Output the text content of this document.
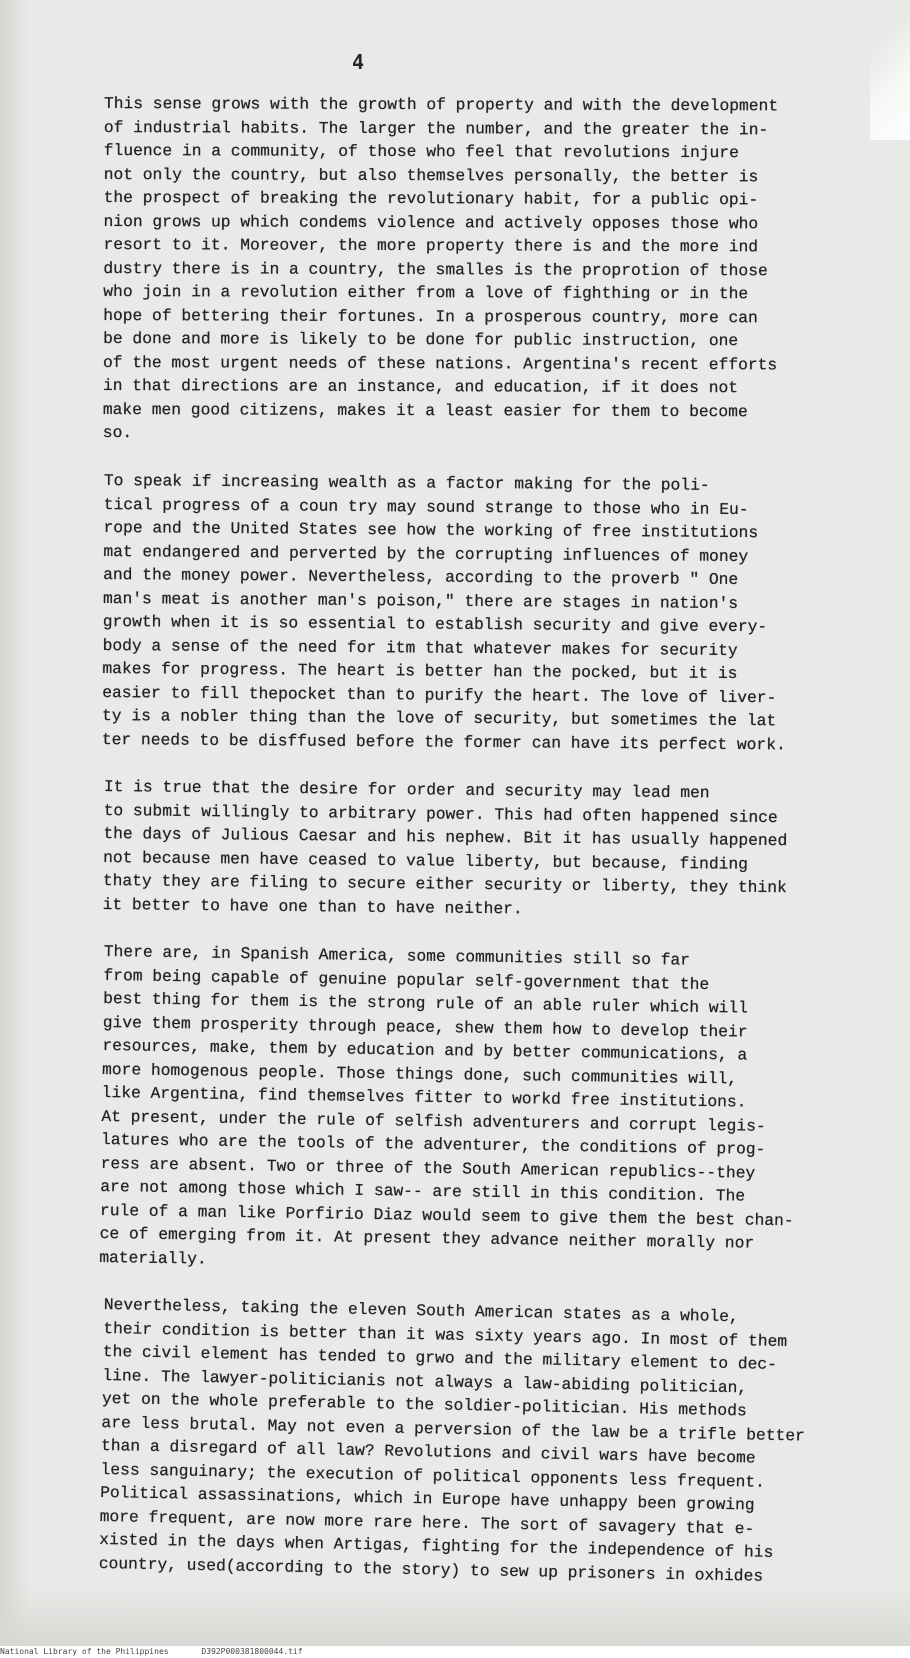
4

This sense grows with the growth of property and with the development
of industrial habits. The larger the number, and the greater the in-
fluence in a community, of those who feel that revolutions injure
not only the country, but also themselves personally, the better is
the prospect of breaking the revolutionary habit, for a public opi-
nion grows up which condems violence and actively opposes those who
resort to it. Moreover, the more property there is and the more ind
dustry there is in a country, the smalles is the proprotion of those
who join in a revolution either from a love of fighthing or in the
hope of bettering their fortunes. In a prosperous country, more can
be done and more is likely to be done for public instruction, one
of the most urgent needs of these nations. Argentina's recent efforts
in that directions are an instance, and education, if it does not
make men good citizens, makes it a least easier for them to become
so.

To speak if increasing wealth as a factor making for the poli-
tical progress of a coun try may sound strange to those who in Eu-
rope and the United States see how the working of free institutions
mat endangered and perverted by the corrupting influences of money
and the money power. Nevertheless, according to the proverb " One
man's meat is another man's poison," there are stages in nation's
growth when it is so essential to establish security and give every-
body a sense of the need for itm that whatever makes for security
makes for progress. The heart is better han the pocked, but it is
easier to fill thepocket than to purify the heart. The love of liver-
ty is a nobler thing than the love of security, but sometimes the lat
ter needs to be disffused before the former can have its perfect work.

It is true that the desire for order and security may lead men
to submit willingly to arbitrary power. This had often happened since
the days of Julious Caesar and his nephew. Bit it has usually happened
not because men have ceased to value liberty, but because, finding
thaty they are filing to secure either security or liberty, they think
it better to have one than to have neither.

There are, in Spanish America, some communities still so far
from being capable of genuine popular self-government that the
best thing for them is the strong rule of an able ruler which will
give them prosperity through peace, shew them how to develop their
resources, make, them by education and by better communications, a
more homogenous people. Those things done, such communities will,
like Argentina, find themselves fitter to workd free institutions.
At present, under the rule of selfish adventurers and corrupt legis-
latures who are the tools of the adventurer, the conditions of prog-
ress are absent. Two or three of the South American republics--they
are not among those which I saw-- are still in this condition. The
rule of a man like Porfirio Diaz would seem to give them the best chan-
ce of emerging from it. At present they advance neither morally nor
materially.

Nevertheless, taking the eleven South American states as a whole,
their condition is better than it was sixty years ago. In most of them
the civil element has tended to grwo and the military element to dec-
line. The lawyer-politicianis not always a law-abiding politician,
yet on the whole preferable to the soldier-politician. His methods
are less brutal. May not even a perversion of the law be a trifle better
than a disregard of all law? Revolutions and civil wars have become
less sanguinary; the execution of political opponents less frequent.
Political assassinations, which in Europe have unhappy been growing
more frequent, are now more rare here. The sort of savagery that e-
xisted in the days when Artigas, fighting for the independence of his
country, used(according to the story) to sew up prisoners in oxhides

National Library of the Philippines	D392P000381800044.tif
